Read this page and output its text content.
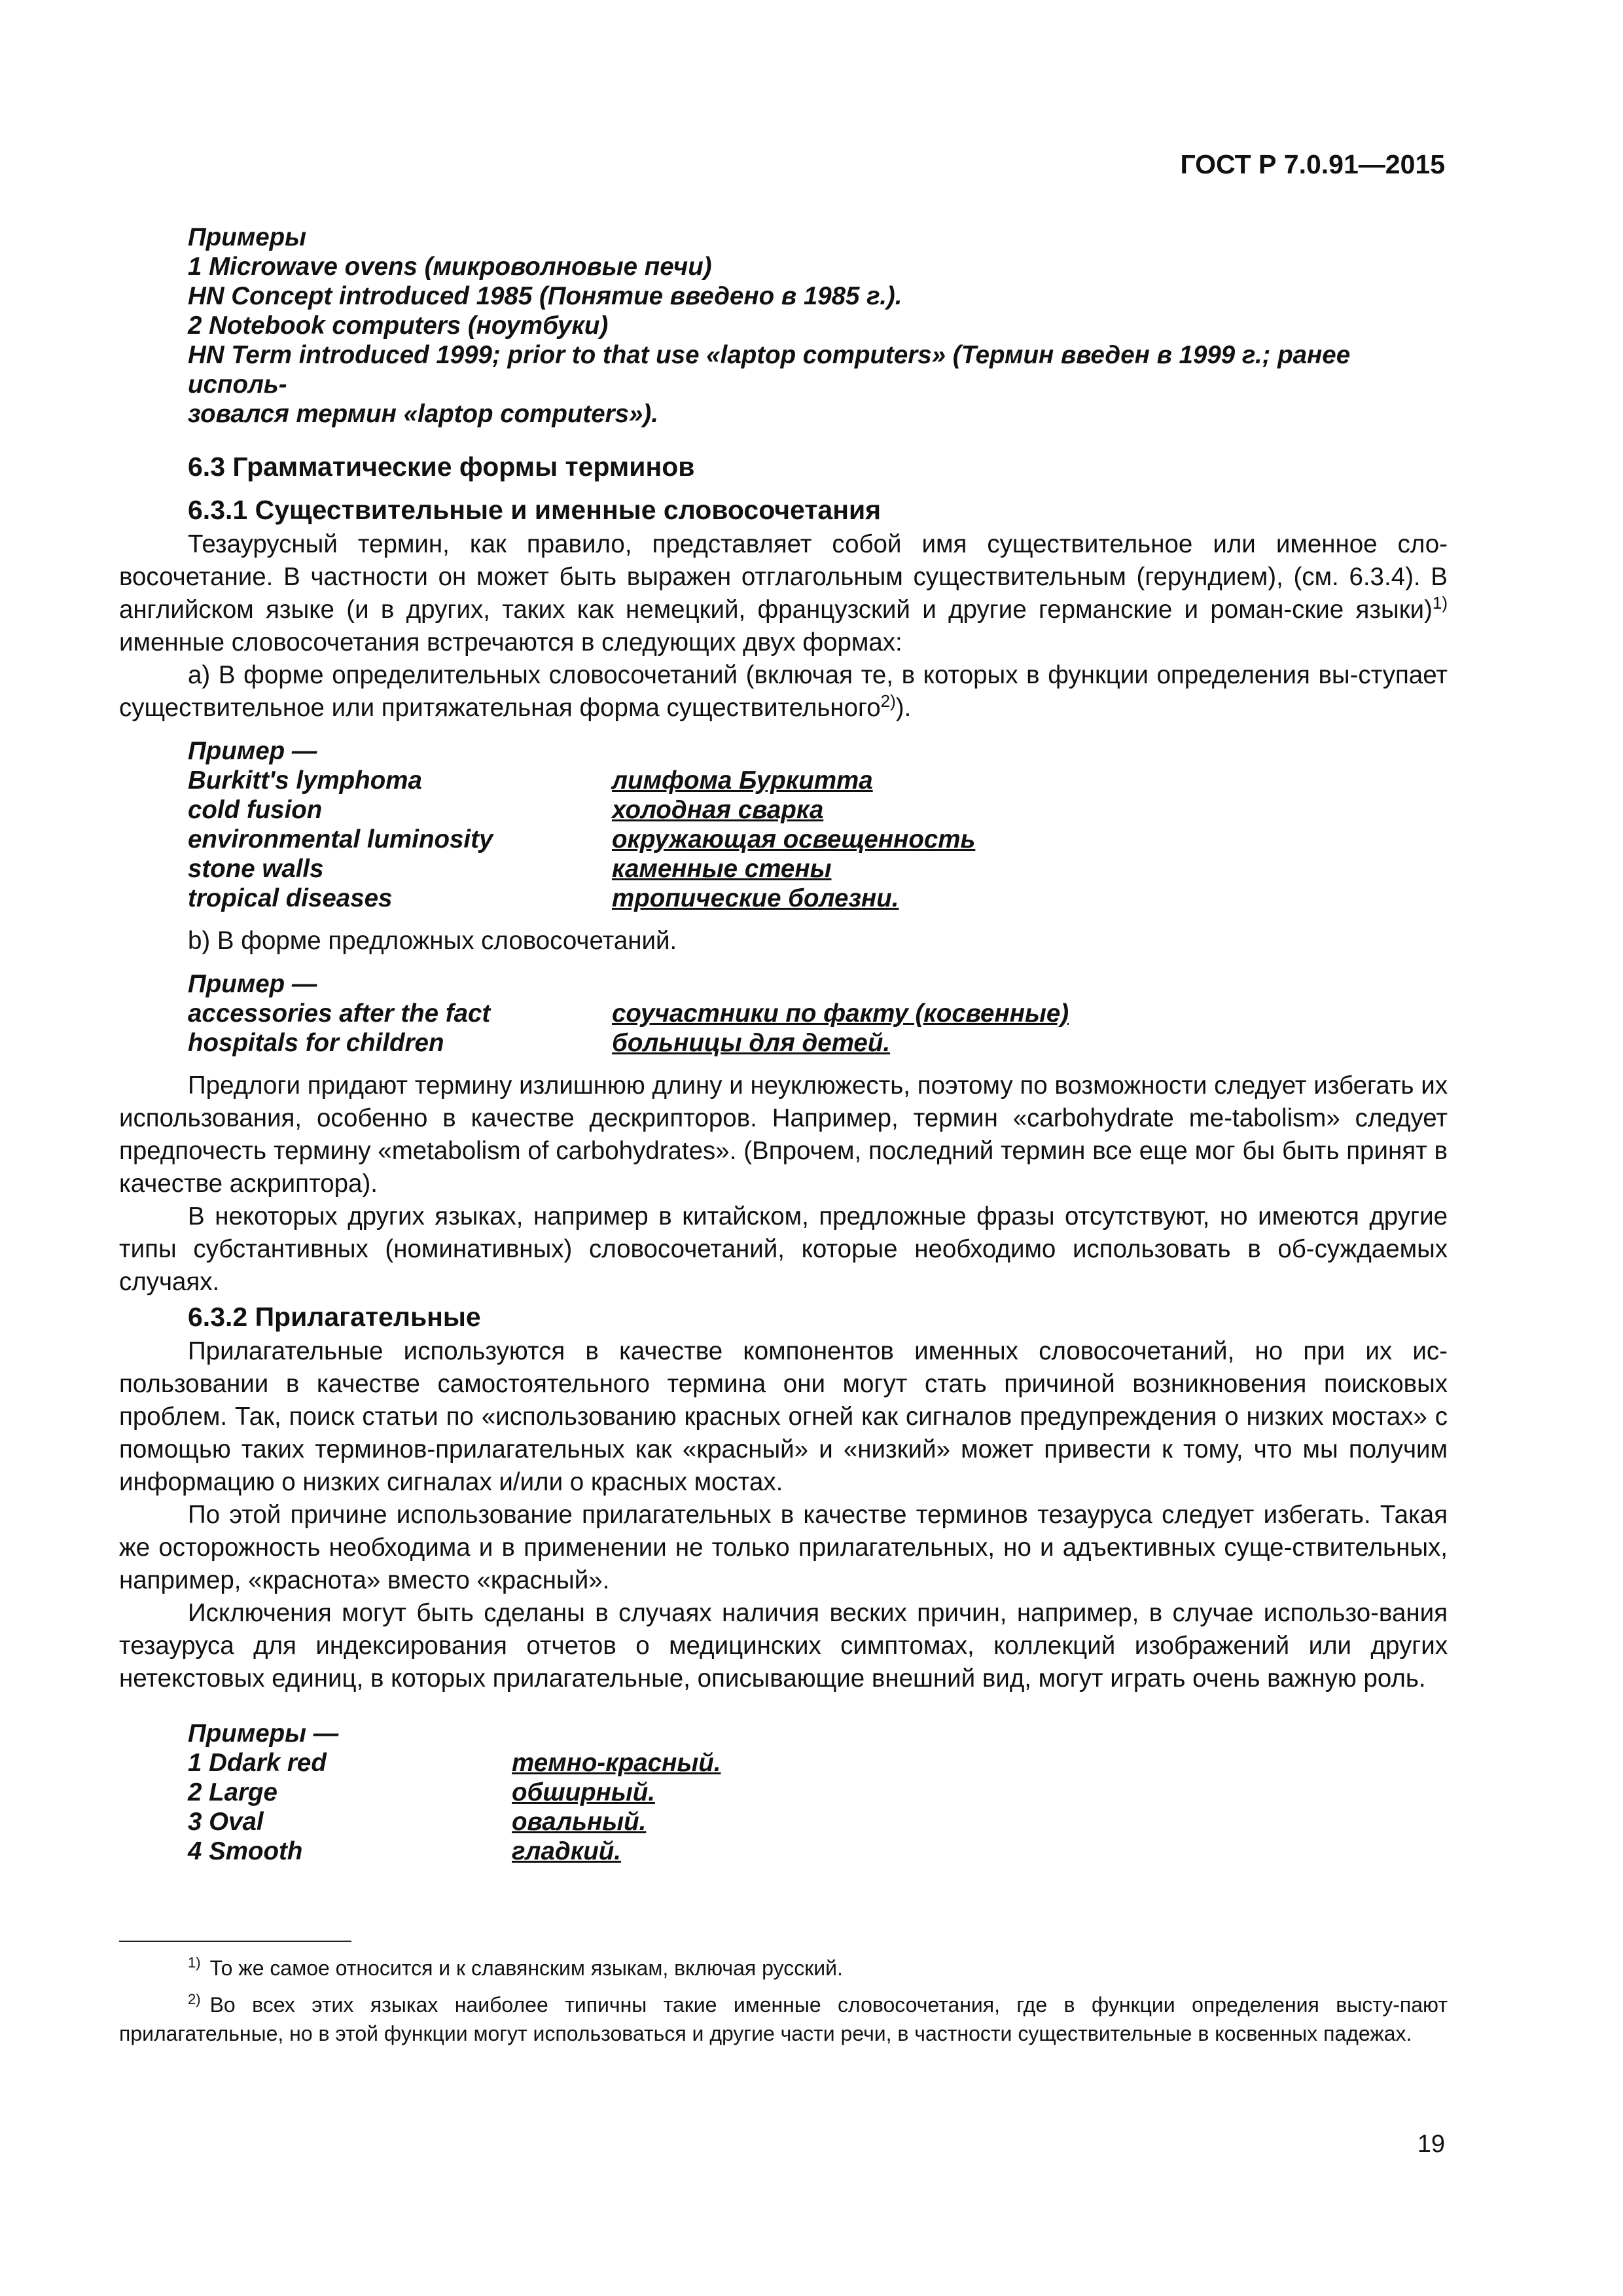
ГОСТ Р 7.0.91—2015
Примеры
1 Microwave ovens (микроволновые печи)
HN Concept introduced 1985 (Понятие введено в 1985 г.).
2 Notebook computers (ноутбуки)
HN Term introduced 1999; prior to that use «laptop computers» (Термин введен в 1999 г.; ранее исполь-
зовался термин «laptop computers»).
6.3 Грамматические формы терминов
6.3.1 Существительные и именные словосочетания

Тезаурусный термин, как правило, представляет собой имя существительное или именное сло-восочетание. В частности он может быть выражен отглагольным существительным (герундием), (см. 6.3.4). В английском языке (и в других, таких как немецкий, французский и другие германские и роман-ские языки)$^{1)}$ именные словосочетания встречаются в следующих двух формах:

а) В форме определительных словосочетаний (включая те, в которых в функции определения вы-ступает существительное или притяжательная форма существительного$^{2)}$).

Пример —
Burkitt's lymphoma	лимфома Буркитта
cold fusion	холодная сварка
environmental luminosity	окружающая освещенность
stone walls	каменные стены
tropical diseases	тропические болезни.

b) В форме предложных словосочетаний.

Пример —
accessories after the fact	соучастники по факту (косвенные)
hospitals for children	больницы для детей.

Предлоги придают термину излишнюю длину и неуклюжесть, поэтому по возможности следует избегать их использования, особенно в качестве дескрипторов. Например, термин «carbohydrate me-tabolism» следует предпочесть термину «metabolism of carbohydrates». (Впрочем, последний термин все еще мог бы быть принят в качестве аскриптора).

В некоторых других языках, например в китайском, предложные фразы отсутствуют, но имеются другие типы субстантивных (номинативных) словосочетаний, которые необходимо использовать в об-суждаемых случаях.

6.3.2 Прилагательные

Прилагательные используются в качестве компонентов именных словосочетаний, но при их ис-пользовании в качестве самостоятельного термина они могут стать причиной возникновения поисковых проблем. Так, поиск статьи по «использованию красных огней как сигналов предупреждения о низких мостах» с помощью таких терминов-прилагательных как «красный» и «низкий» может привести к тому, что мы получим информацию о низких сигналах и/или о красных мостах.

По этой причине использование прилагательных в качестве терминов тезауруса следует избегать. Такая же осторожность необходима и в применении не только прилагательных, но и адъективных суще-ствительных, например, «краснота» вместо «красный».

Исключения могут быть сделаны в случаях наличия веских причин, например, в случае использо-вания тезауруса для индексирования отчетов о медицинских симптомах, коллекций изображений или других нетекстовых единиц, в которых прилагательные, описывающие внешний вид, могут играть очень важную роль.

Примеры —
1 Ddark red	темно-красный.
2 Large	обширный.
3 Oval	овальный.
4 Smooth	гладкий.
$^{1)}$ То же самое относится и к славянским языкам, включая русский.
$^{2)}$ Во всех этих языках наиболее типичны такие именные словосочетания, где в функции определения высту-пают прилагательные, но в этой функции могут использоваться и другие части речи, в частности существительные в косвенных падежах.
19
